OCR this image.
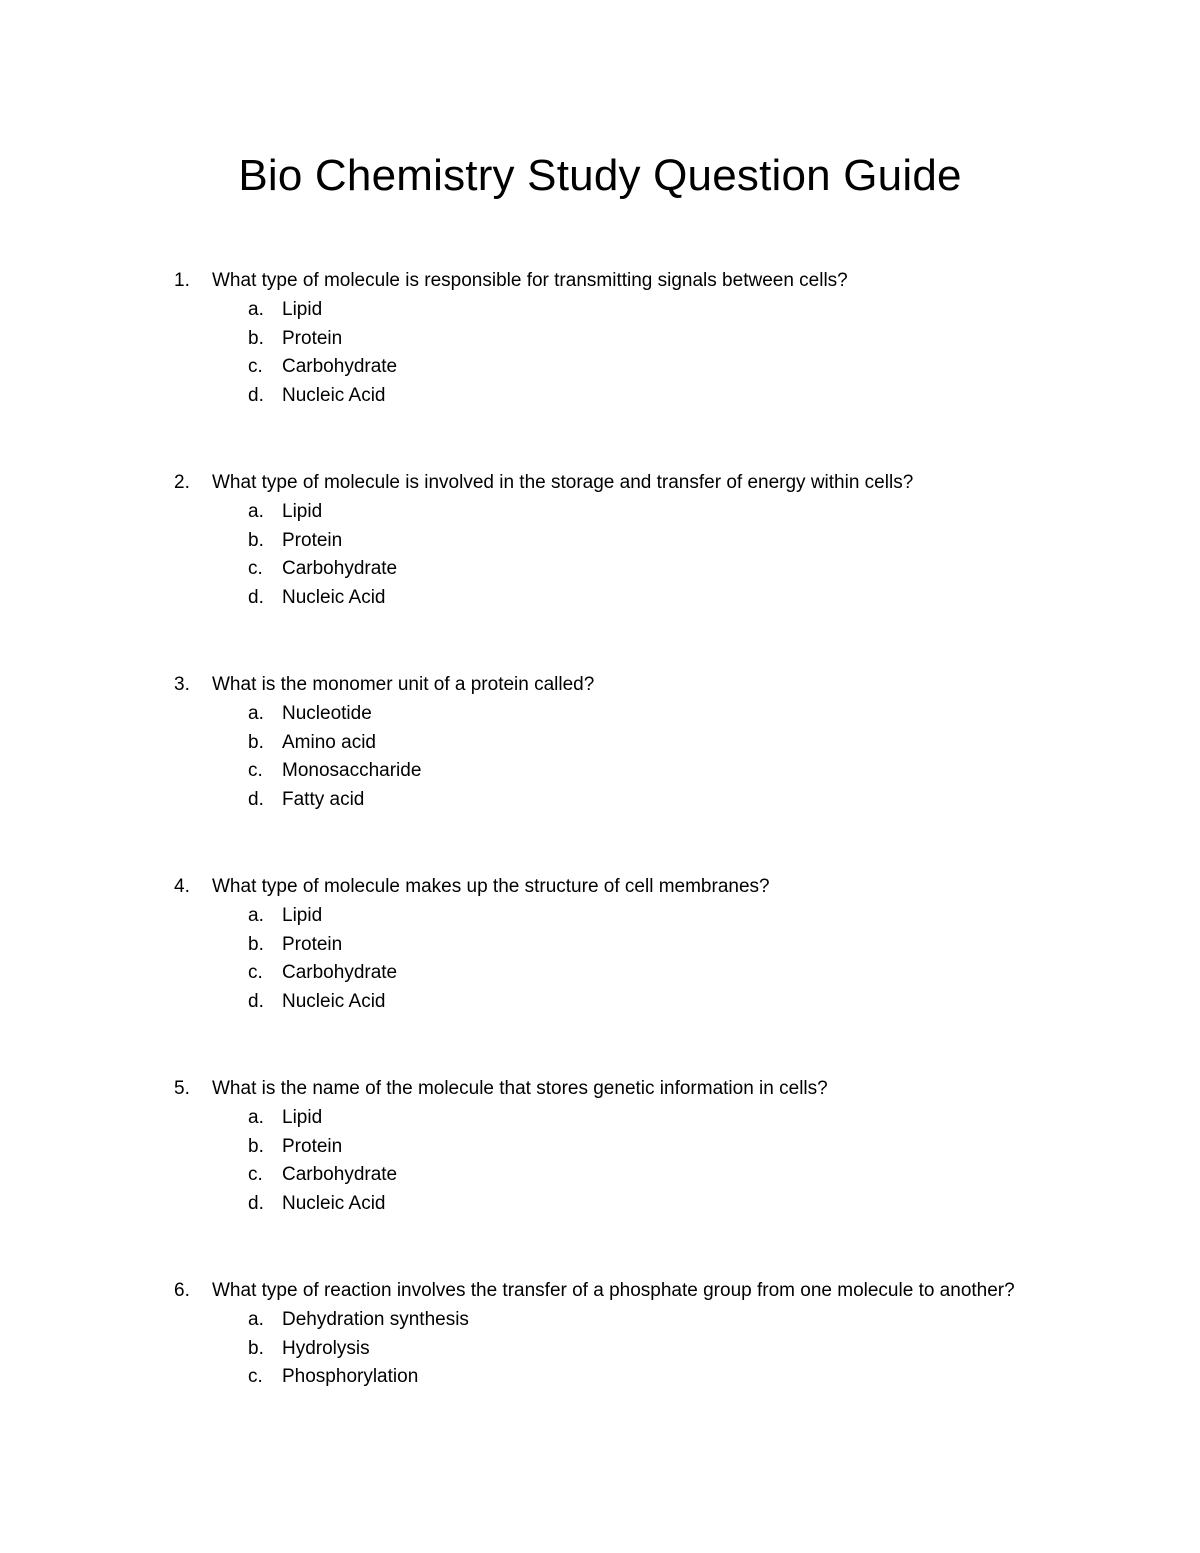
Bio Chemistry Study Question Guide
1. What type of molecule is responsible for transmitting signals between cells?
a. Lipid
b. Protein
c. Carbohydrate
d. Nucleic Acid
2. What type of molecule is involved in the storage and transfer of energy within cells?
a. Lipid
b. Protein
c. Carbohydrate
d. Nucleic Acid
3. What is the monomer unit of a protein called?
a. Nucleotide
b. Amino acid
c. Monosaccharide
d. Fatty acid
4. What type of molecule makes up the structure of cell membranes?
a. Lipid
b. Protein
c. Carbohydrate
d. Nucleic Acid
5. What is the name of the molecule that stores genetic information in cells?
a. Lipid
b. Protein
c. Carbohydrate
d. Nucleic Acid
6. What type of reaction involves the transfer of a phosphate group from one molecule to another?
a. Dehydration synthesis
b. Hydrolysis
c. Phosphorylation
